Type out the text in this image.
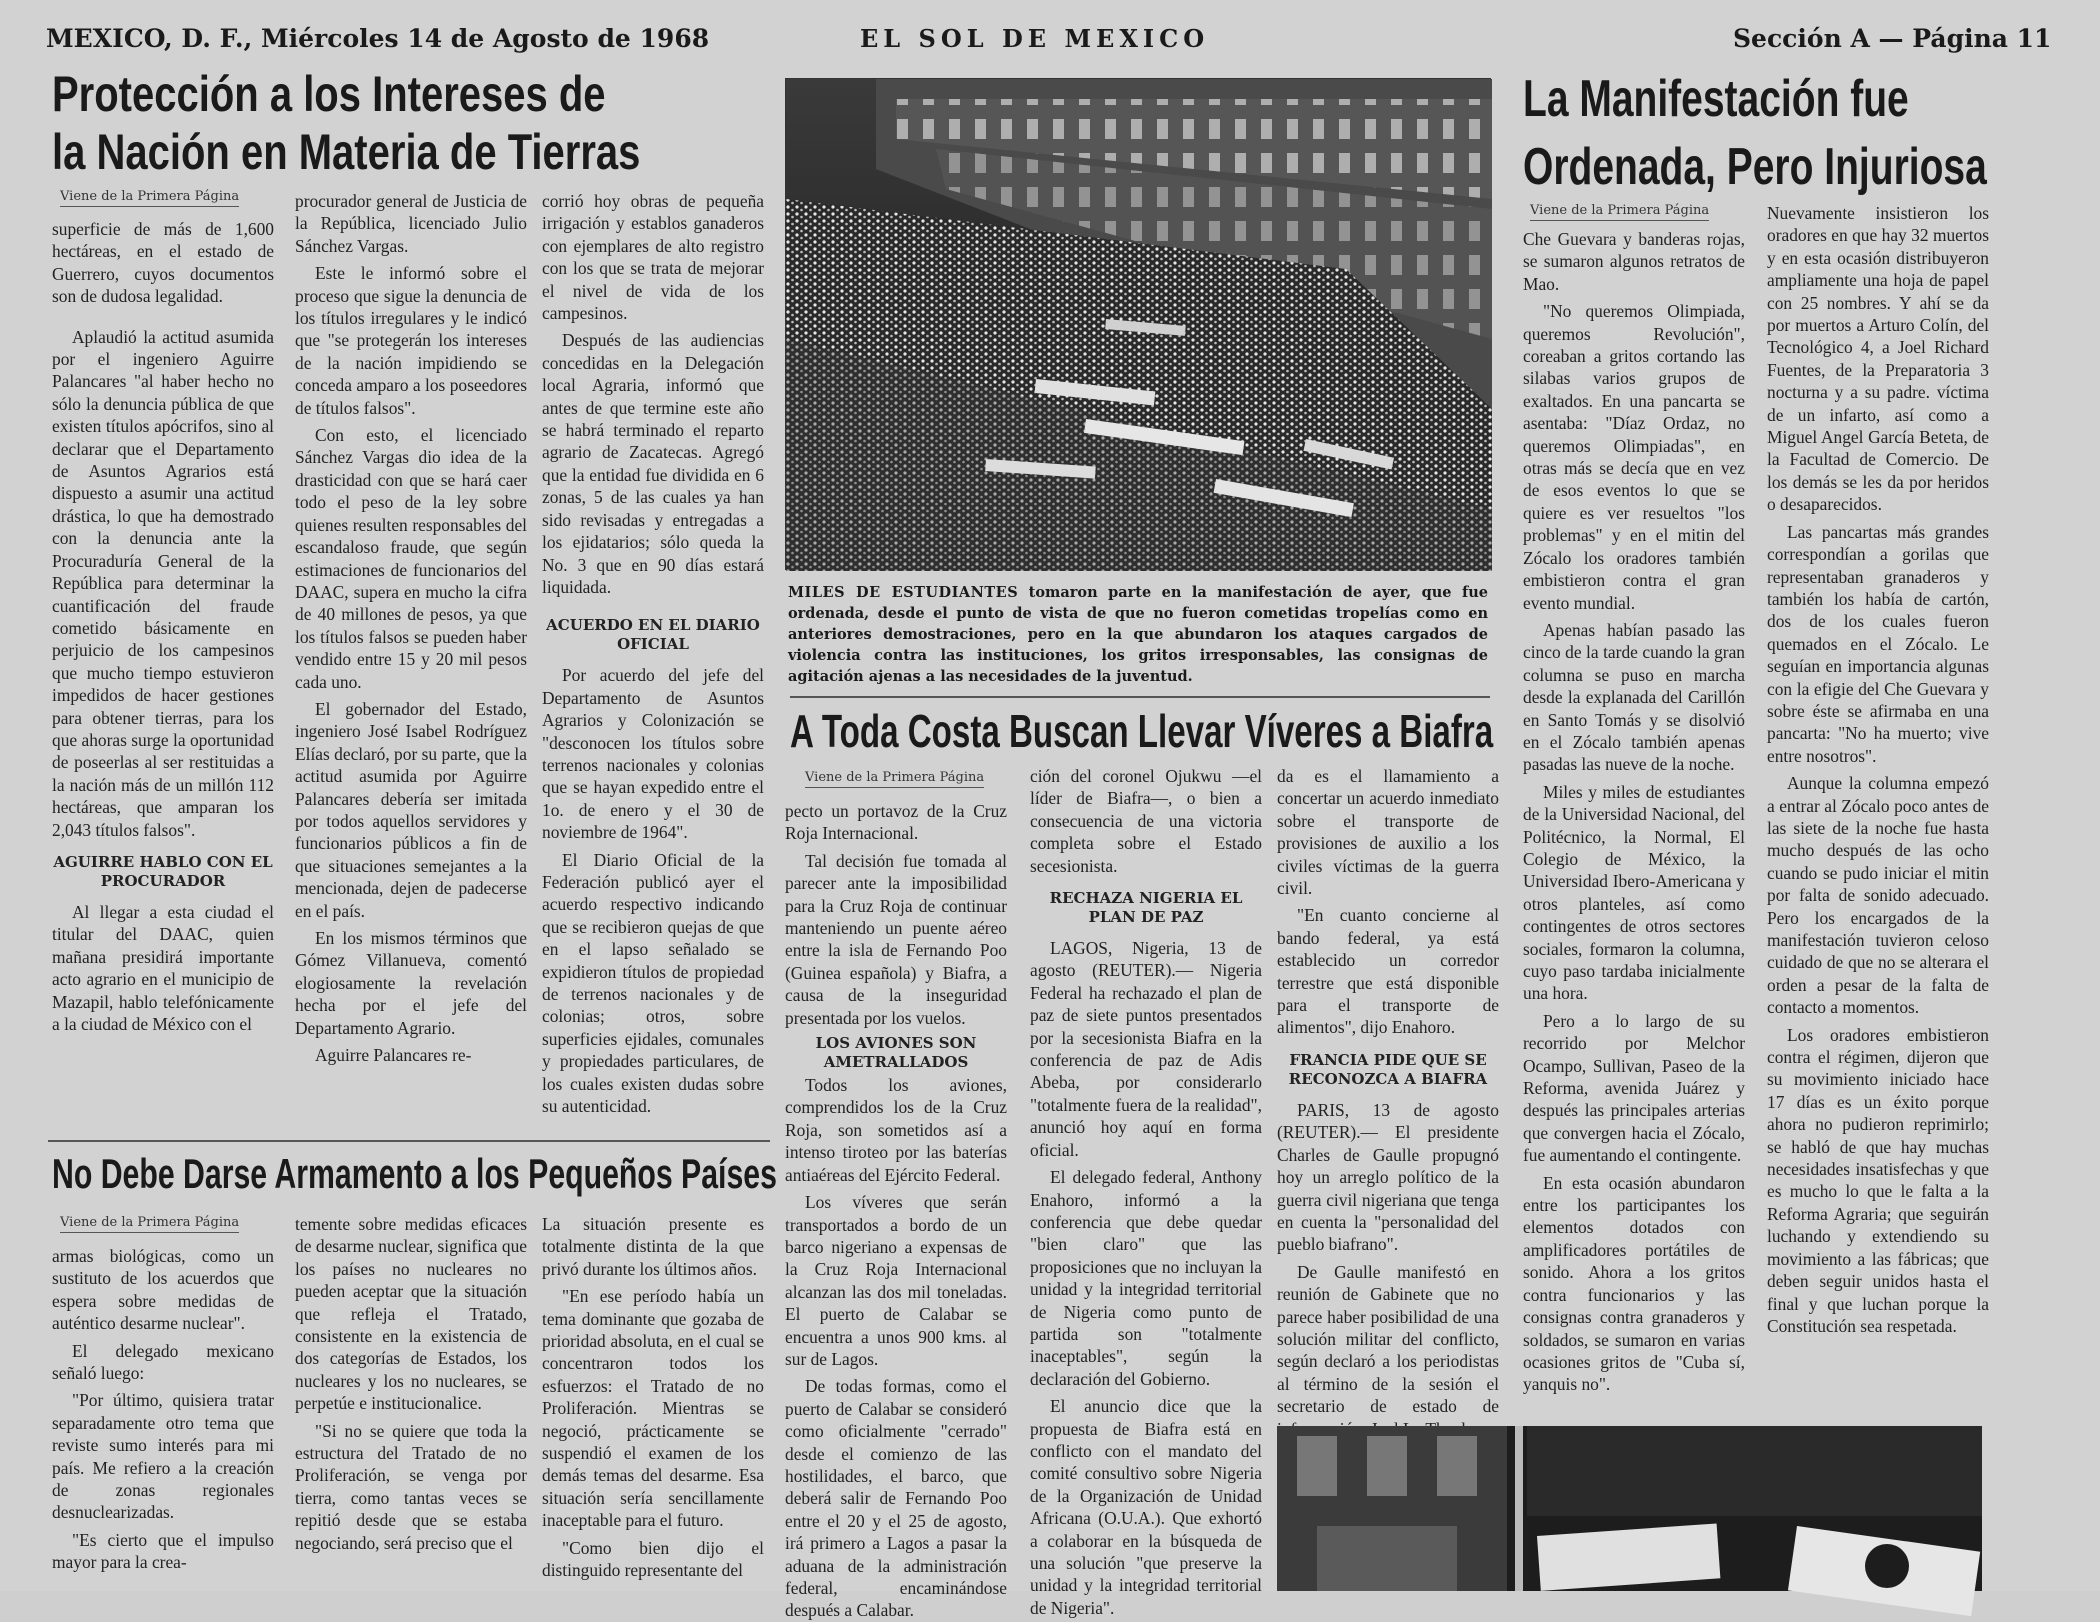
MEXICO, D. F., Miércoles 14 de Agosto de 1968	EL SOL DE MEXICO	Sección A — Página 11
Protección a los Intereses de
la Nación en Materia de Tierras
Viene de la Primera Página

superficie de más de 1,600 hectáreas, en el estado de Guerrero, cuyos documentos son de dudosa legalidad.

Aplaudió la actitud asumida por el ingeniero Aguirre Palancares "al haber hecho no sólo la denuncia pública de que existen títulos apócrifos, sino al declarar que el Departamento de Asuntos Agrarios está dispuesto a asumir una actitud drástica, lo que ha demostrado con la denuncia ante la Procuraduría General de la República para determinar la cuantificación del fraude cometido básicamente en perjuicio de los campesinos que mucho tiempo estuvieron impedidos de hacer gestiones para obtener tierras, para los que ahoras surge la oportunidad de poseerlas al ser restituidas a la nación más de un millón 112 hectáreas, que amparan los 2,043 títulos falsos".

AGUIRRE HABLO CON EL PROCURADOR

Al llegar a esta ciudad el titular del DAAC, quien mañana presidirá importante acto agrario en el municipio de Mazapil, hablo telefónicamente a la ciudad de México con el

procurador general de Justicia de la República, licenciado Julio Sánchez Vargas.

Este le informó sobre el proceso que sigue la denuncia de los títulos irregulares y le indicó que "se protegerán los intereses de la nación impidiendo se conceda amparo a los poseedores de títulos falsos".

Con esto, el licenciado Sánchez Vargas dio idea de la drasticidad con que se hará caer todo el peso de la ley sobre quienes resulten responsables del escandaloso fraude, que según estimaciones de funcionarios del DAAC, supera en mucho la cifra de 40 millones de pesos, ya que los títulos falsos se pueden haber vendido entre 15 y 20 mil pesos cada uno.

El gobernador del Estado, ingeniero José Isabel Rodríguez Elías declaró, por su parte, que la actitud asumida por Aguirre Palancares debería ser imitada por todos aquellos servidores y funcionarios públicos a fin de que situaciones semejantes a la mencionada, dejen de padecerse en el país.

En los mismos términos que Gómez Villanueva, comentó elogiosamente la revelación hecha por el jefe del Departamento Agrario.

Aguirre Palancares re-

corrió hoy obras de pequeña irrigación y establos ganaderos con ejemplares de alto registro con los que se trata de mejorar el nivel de vida de los campesinos.

Después de las audiencias concedidas en la Delegación local Agraria, informó que antes de que termine este año se habrá terminado el reparto agrario de Zacatecas. Agregó que la entidad fue dividida en 6 zonas, 5 de las cuales ya han sido revisadas y entregadas a los ejidatarios; sólo queda la No. 3 que en 90 días estará liquidada.

ACUERDO EN EL DIARIO OFICIAL

Por acuerdo del jefe del Departamento de Asuntos Agrarios y Colonización se "desconocen los títulos sobre terrenos nacionales y colonias que se hayan expedido entre el 1o. de enero y el 30 de noviembre de 1964".

El Diario Oficial de la Federación publicó ayer el acuerdo respectivo indicando que se recibieron quejas de que en el lapso señalado se expidieron títulos de propiedad de terrenos nacionales y de colonias; otros, sobre superficies ejidales, comunales y propiedades particulares, de los cuales existen dudas sobre su autenticidad.

No Debe Darse Armamento a los Pequeños Países
Viene de la Primera Página

armas biológicas, como un sustituto de los acuerdos que espera sobre medidas de auténtico desarme nuclear".

El delegado mexicano señaló luego:

"Por último, quisiera tratar separadamente otro tema que reviste sumo interés para mi país. Me refiero a la creación de zonas regionales desnuclearizadas.

"Es cierto que el impulso mayor para la crea-

temente sobre medidas eficaces de desarme nuclear, significa que los países no nucleares no pueden aceptar que la situación que refleja el Tratado, consistente en la existencia de dos categorías de Estados, los nucleares y los no nucleares, se perpetúe e institucionalice.

"Si no se quiere que toda la estructura del Tratado de no Proliferación, se venga por tierra, como tantas veces se repitió desde que se estaba negociando, será preciso que el

La situación presente es totalmente distinta de la que privó durante los últimos años.

"En ese período había un tema dominante que gozaba de prioridad absoluta, en el cual se concentraron todos los esfuerzos: el Tratado de no Proliferación. Mientras se negoció, prácticamente se suspendió el examen de los demás temas del desarme. Esa situación sería sencillamente inaceptable para el futuro.

"Como bien dijo el distinguido representante del

MILES DE ESTUDIANTES tomaron parte en la manifestación de ayer, que fue ordenada, desde el punto de vista de que no fueron cometidas tropelías como en anteriores demostraciones, pero en la que abundaron los ataques cargados de violencia contra las instituciones, los gritos irresponsables, las consignas de agitación ajenas a las necesidades de la juventud.
A Toda Costa Buscan Llevar Víveres a Biafra
Viene de la Primera Página

pecto un portavoz de la Cruz Roja Internacional.

Tal decisión fue tomada al parecer ante la imposibilidad para la Cruz Roja de continuar manteniendo un puente aéreo entre la isla de Fernando Poo (Guinea española) y Biafra, a causa de la inseguridad presentada por los vuelos.

LOS AVIONES SON AMETRALLADOS

Todos los aviones, comprendidos los de la Cruz Roja, son sometidos así a intenso tiroteo por las baterías antiaéreas del Ejército Federal.

Los víveres que serán transportados a bordo de un barco nigeriano a expensas de la Cruz Roja Internacional alcanzan las dos mil toneladas. El puerto de Calabar se encuentra a unos 900 kms. al sur de Lagos.

De todas formas, como el puerto de Calabar se consideró como oficialmente "cerrado" desde el comienzo de las hostilidades, el barco, que deberá salir de Fernando Poo entre el 20 y el 25 de agosto, irá primero a Lagos a pasar la aduana de la administración federal, encaminándose después a Calabar.

ción del coronel Ojukwu —el líder de Biafra—, o bien a consecuencia de una victoria completa sobre el Estado secesionista.

RECHAZA NIGERIA EL PLAN DE PAZ

LAGOS, Nigeria, 13 de agosto (REUTER).— Nigeria Federal ha rechazado el plan de paz de siete puntos presentados por la secesionista Biafra en la conferencia de paz de Adis Abeba, por considerarlo "totalmente fuera de la realidad", anunció hoy aquí en forma oficial.

El delegado federal, Anthony Enahoro, informó a la conferencia que debe quedar "bien claro" que las proposiciones que no incluyan la unidad y la integridad territorial de Nigeria como punto de partida son "totalmente inaceptables", según la declaración del Gobierno.

El anuncio dice que la propuesta de Biafra está en conflicto con el mandato del comité consultivo sobre Nigeria de la Organización de Unidad Africana (O.U.A.). Que exhortó a colaborar en la búsqueda de una solución "que preserve la unidad y la integridad territorial de Nigeria".

da es el llamamiento a concertar un acuerdo inmediato sobre el transporte de provisiones de auxilio a los civiles víctimas de la guerra civil.

"En cuanto concierne al bando federal, ya está establecido un corredor terrestre que está disponible para el transporte de alimentos", dijo Enahoro.

FRANCIA PIDE QUE SE RECONOZCA A BIAFRA

PARIS, 13 de agosto (REUTER).— El presidente Charles de Gaulle propugnó hoy un arreglo político de la guerra civil nigeriana que tenga en cuenta la "personalidad del pueblo biafrano".

De Gaulle manifestó en reunión de Gabinete que no parece haber posibilidad de una solución militar del conflicto, según declaró a los periodistas al término de la sesión el secretario de estado de

La Manifestación fue
Ordenada, Pero Injuriosa
Viene de la Primera Página

Che Guevara y banderas rojas, se sumaron algunos retratos de Mao.

"No queremos Olimpiada, queremos Revolución", coreaban a gritos cortando las silabas varios grupos de exaltados. En una pancarta se asentaba: "Díaz Ordaz, no queremos Olimpiadas", en otras más se decía que en vez de esos eventos lo que se quiere es ver resueltos "los problemas" y en el mitin del Zócalo los oradores también embistieron contra el gran evento mundial.

Apenas habían pasado las cinco de la tarde cuando la gran columna se puso en marcha desde la explanada del Carillón en Santo Tomás y se disolvió en el Zócalo también apenas pasadas las nueve de la noche.

Miles y miles de estudiantes de la Universidad Nacional, del Politécnico, la Normal, El Colegio de México, la Universidad Ibero-Americana y otros planteles, así como contingentes de otros sectores sociales, formaron la columna, cuyo paso tardaba inicialmente una hora.

Pero a lo largo de su recorrido por Melchor Ocampo, Sullivan, Paseo de la Reforma, avenida Juárez y después las principales arterias que convergen hacia el Zócalo, fue aumentando el contingente.

En esta ocasión abundaron entre los participantes los elementos dotados con amplificadores portátiles de sonido. Ahora a los gritos contra funcionarios y las consignas contra granaderos y soldados, se sumaron en varias ocasiones gritos de "Cuba sí, yanquis no".

Nuevamente insistieron los oradores en que hay 32 muertos y en esta ocasión distribuyeron ampliamente una hoja de papel con 25 nombres. Y ahí se da por muertos a Arturo Colín, del Tecnológico 4, a Joel Richard Fuentes, de la Preparatoria 3 nocturna y a su padre. víctima de un infarto, así como a Miguel Angel García Beteta, de la Facultad de Comercio. De los demás se les da por heridos o desaparecidos.

Las pancartas más grandes correspondían a gorilas que representaban granaderos y también los había de cartón, dos de los cuales fueron quemados en el Zócalo. Le seguían en importancia algunas con la efigie del Che Guevara y sobre éste se afirmaba en una pancarta: "No ha muerto; vive entre nosotros".

Aunque la columna empezó a entrar al Zócalo poco antes de las siete de la noche fue hasta mucho después de las ocho cuando se pudo iniciar el mitin por falta de sonido adecuado. Pero los encargados de la manifestación tuvieron celoso cuidado de que no se alterara el orden a pesar de la falta de contacto a momentos.

Los oradores embistieron contra el régimen, dijeron que su movimiento iniciado hace 17 días es un éxito porque ahora no pudieron reprimirlo; se habló de que hay muchas necesidades insatisfechas y que es mucho lo que le falta a la Reforma Agraria; que seguirán luchando y extendiendo su movimiento a las fábricas; que deben seguir unidos hasta el final y que luchan porque la Constitución sea respetada.
